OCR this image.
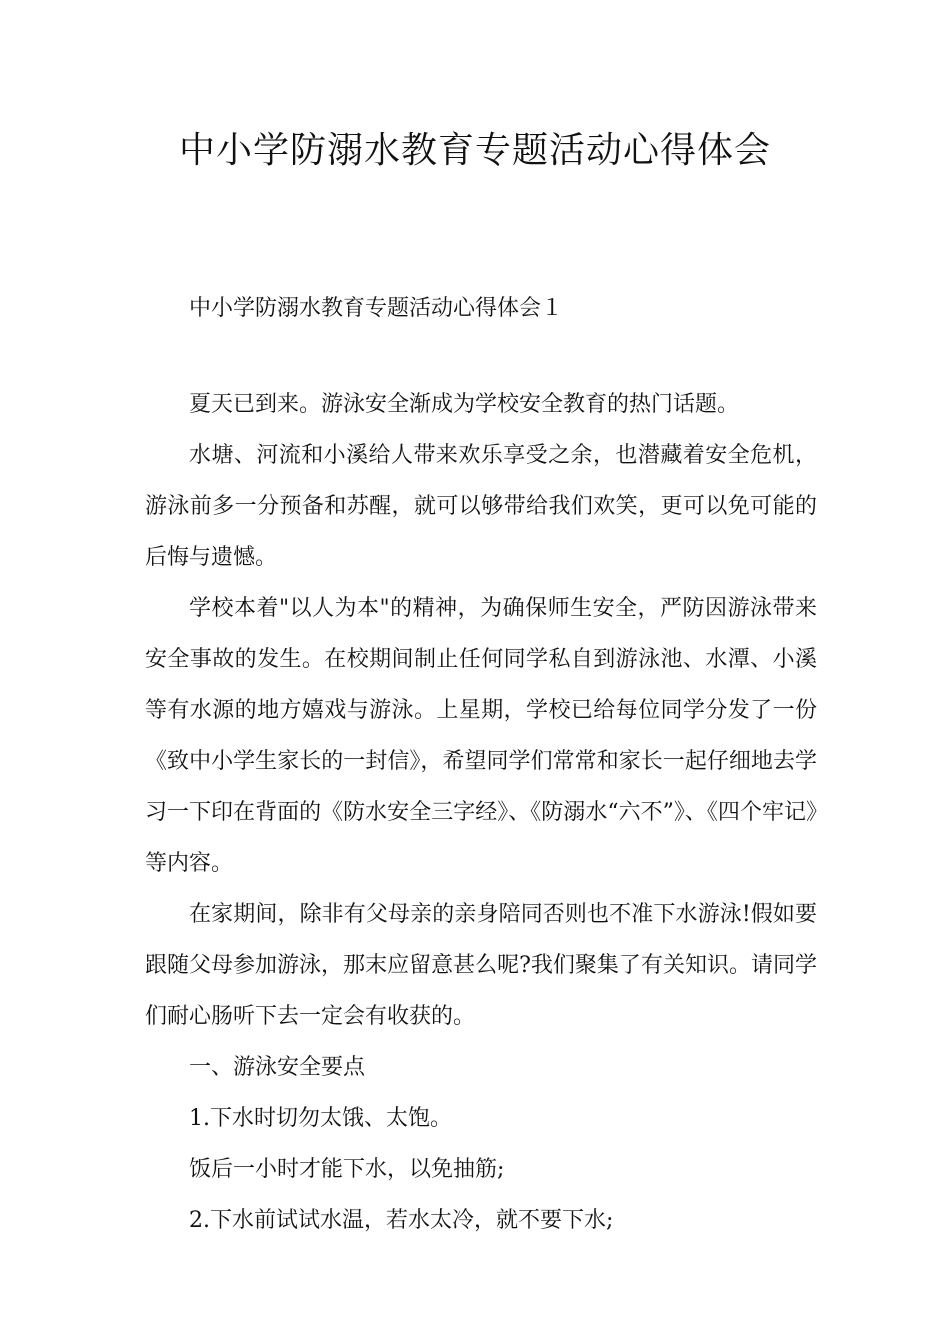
中小学防溺水教育专题活动心得体会

中小学防溺水教育专题活动心得体会１

夏天已到来。游泳安全渐成为学校安全教育的热门话题。

水塘、河流和小溪给人带来欢乐享受之余，也潜藏着安全危机，游泳前多一分预备和苏醒，就可以够带给我们欢笑，更可以免可能的后悔与遗憾。

学校本着"以人为本"的精神，为确保师生安全，严防因游泳带来安全事故的发生。在校期间制止任何同学私自到游泳池、水潭、小溪等有水源的地方嬉戏与游泳。上星期，学校已给每位同学分发了一份《致中小学生家长的一封信》，希望同学们常常和家长一起仔细地去学习一下印在背面的《防水安全三字经》、《防溺水“六不”》、《四个牢记》等内容。

在家期间，除非有父母亲的亲身陪同否则也不准下水游泳!假如要跟随父母参加游泳，那末应留意甚么呢?我们聚集了有关知识。请同学们耐心肠听下去一定会有收获的。

一、游泳安全要点

1.下水时切勿太饿、太饱。

饭后一小时才能下水，以免抽筋;

2.下水前试试水温，若水太冷，就不要下水;
